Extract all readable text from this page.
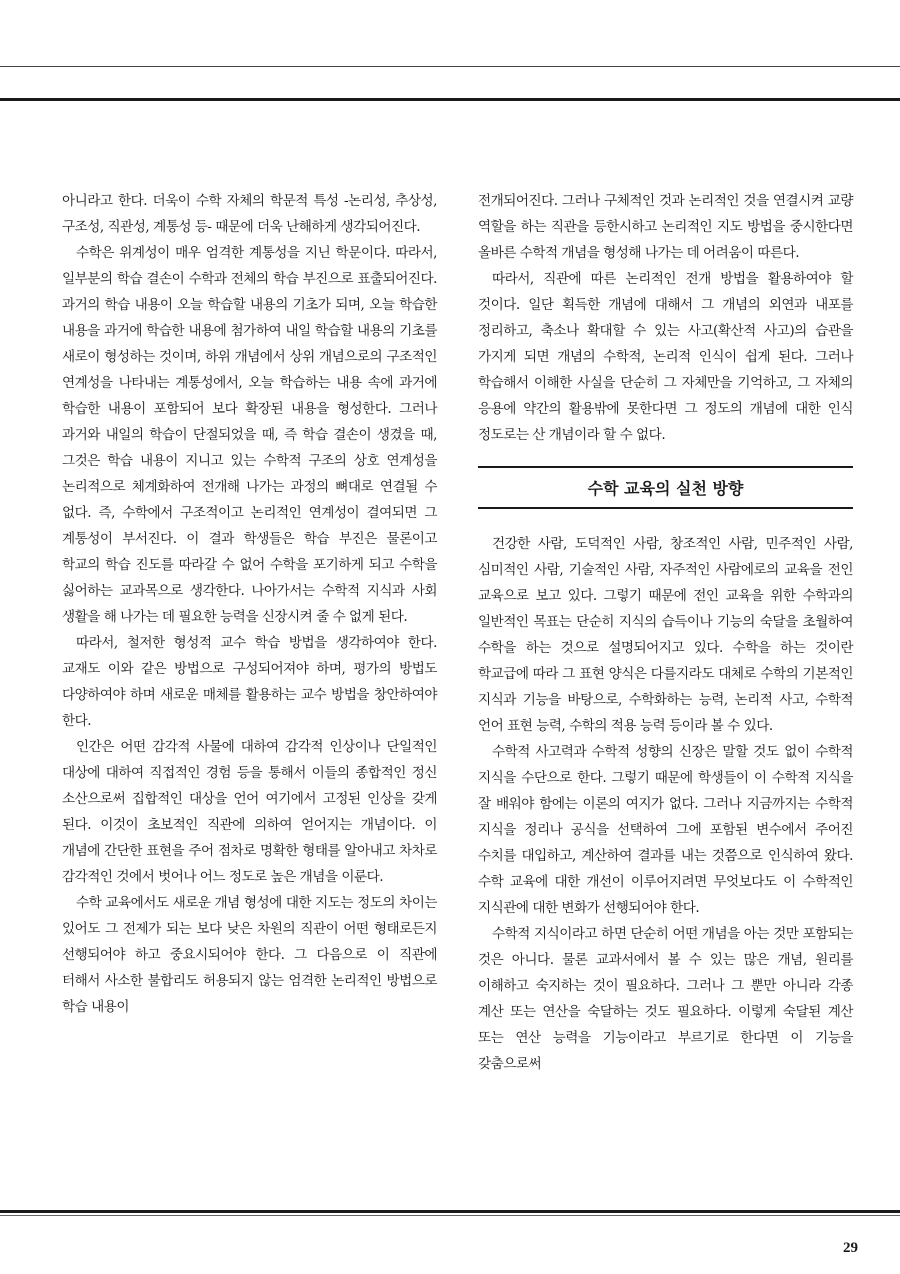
아니라고 한다. 더욱이 수학 자체의 학문적 특성 -논리성, 추상성, 구조성, 직관성, 계통성 등- 때문에 더욱 난해하게 생각되어진다.

수학은 위계성이 매우 엄격한 계통성을 지닌 학문이다. 따라서, 일부분의 학습 결손이 수학과 전체의 학습 부진으로 표출되어진다. 과거의 학습 내용이 오늘 학습할 내용의 기초가 되며, 오늘 학습한 내용을 과거에 학습한 내용에 첨가하여 내일 학습할 내용의 기초를 새로이 형성하는 것이며, 하위 개념에서 상위 개념으로의 구조적인 연계성을 나타내는 계통성에서, 오늘 학습하는 내용 속에 과거에 학습한 내용이 포함되어 보다 확장된 내용을 형성한다. 그러나 과거와 내일의 학습이 단절되었을 때, 즉 학습 결손이 생겼을 때, 그것은 학습 내용이 지니고 있는 수학적 구조의 상호 연계성을 논리적으로 체계화하여 전개해 나가는 과정의 뼈대로 연결될 수 없다. 즉, 수학에서 구조적이고 논리적인 연계성이 결여되면 그 계통성이 부서진다. 이 결과 학생들은 학습 부진은 물론이고 학교의 학습 진도를 따라갈 수 없어 수학을 포기하게 되고 수학을 싫어하는 교과목으로 생각한다. 나아가서는 수학적 지식과 사회 생활을 해 나가는 데 필요한 능력을 신장시켜 줄 수 없게 된다.

따라서, 철저한 형성적 교수 학습 방법을 생각하여야 한다. 교재도 이와 같은 방법으로 구성되어져야 하며, 평가의 방법도 다양하여야 하며 새로운 매체를 활용하는 교수 방법을 창안하여야 한다.

인간은 어떤 감각적 사물에 대하여 감각적 인상이나 단일적인 대상에 대하여 직접적인 경험 등을 통해서 이들의 종합적인 정신 소산으로써 집합적인 대상을 언어 여기에서 고정된 인상을 갖게 된다. 이것이 초보적인 직관에 의하여 얻어지는 개념이다. 이 개념에 간단한 표현을 주어 점차로 명확한 형태를 알아내고 차차로 감각적인 것에서 벗어나 어느 정도로 높은 개념을 이룬다.

수학 교육에서도 새로운 개념 형성에 대한 지도는 정도의 차이는 있어도 그 전제가 되는 보다 낮은 차원의 직관이 어떤 형태로든지 선행되어야 하고 중요시되어야 한다. 그 다음으로 이 직관에 터해서 사소한 불합리도 허용되지 않는 엄격한 논리적인 방법으로 학습 내용이

전개되어진다. 그러나 구체적인 것과 논리적인 것을 연결시켜 교량 역할을 하는 직관을 등한시하고 논리적인 지도 방법을 중시한다면 올바른 수학적 개념을 형성해 나가는 데 어려움이 따른다.

따라서, 직관에 따른 논리적인 전개 방법을 활용하여야 할 것이다. 일단 획득한 개념에 대해서 그 개념의 외연과 내포를 정리하고, 축소나 확대할 수 있는 사고(확산적 사고)의 습관을 가지게 되면 개념의 수학적, 논리적 인식이 쉽게 된다. 그러나 학습해서 이해한 사실을 단순히 그 자체만을 기억하고, 그 자체의 응용에 약간의 활용밖에 못한다면 그 정도의 개념에 대한 인식 정도로는 산 개념이라 할 수 없다.

수학 교육의 실천 방향

건강한 사람, 도덕적인 사람, 창조적인 사람, 민주적인 사람, 심미적인 사람, 기술적인 사람, 자주적인 사람에로의 교육을 전인 교육으로 보고 있다. 그렇기 때문에 전인 교육을 위한 수학과의 일반적인 목표는 단순히 지식의 습득이나 기능의 숙달을 초월하여 수학을 하는 것으로 설명되어지고 있다. 수학을 하는 것이란 학교급에 따라 그 표현 양식은 다를지라도 대체로 수학의 기본적인 지식과 기능을 바탕으로, 수학화하는 능력, 논리적 사고, 수학적 언어 표현 능력, 수학의 적용 능력 등이라 볼 수 있다.

수학적 사고력과 수학적 성향의 신장은 말할 것도 없이 수학적 지식을 수단으로 한다. 그렇기 때문에 학생들이 이 수학적 지식을 잘 배워야 함에는 이론의 여지가 없다. 그러나 지금까지는 수학적 지식을 정리나 공식을 선택하여 그에 포함된 변수에서 주어진 수치를 대입하고, 계산하여 결과를 내는 것쯤으로 인식하여 왔다. 수학 교육에 대한 개선이 이루어지려면 무엇보다도 이 수학적인 지식관에 대한 변화가 선행되어야 한다.

수학적 지식이라고 하면 단순히 어떤 개념을 아는 것만 포함되는 것은 아니다. 물론 교과서에서 볼 수 있는 많은 개념, 원리를 이해하고 숙지하는 것이 필요하다. 그러나 그 뿐만 아니라 각종 계산 또는 연산을 숙달하는 것도 필요하다. 이렇게 숙달된 계산 또는 연산 능력을 기능이라고 부르기로 한다면 이 기능을 갖춤으로써

29
